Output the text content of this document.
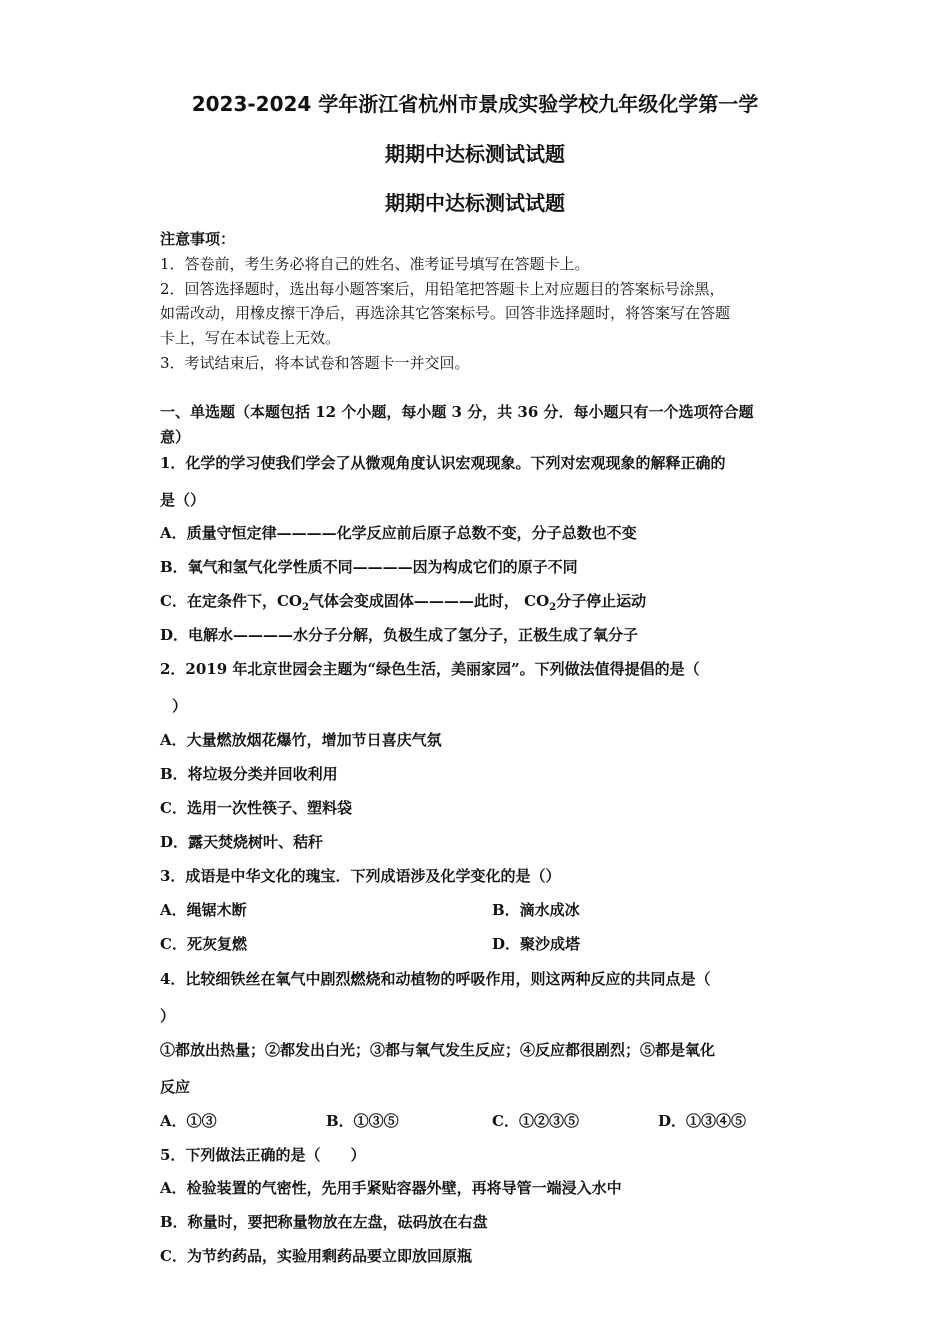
2023-2024 学年浙江省杭州市景成实验学校九年级化学第一学
期期中达标测试试题
期期中达标测试试题
注意事项：
1．答卷前，考生务必将自己的姓名、准考证号填写在答题卡上。
2．回答选择题时，选出每小题答案后，用铅笔把答题卡上对应题目的答案标号涂黑，
如需改动，用橡皮擦干净后，再选涂其它答案标号。回答非选择题时，将答案写在答题
卡上，写在本试卷上无效。
3．考试结束后，将本试卷和答题卡一并交回。
一、单选题（本题包括 12 个小题，每小题 3 分，共 36 分．每小题只有一个选项符合题
意）
1．化学的学习使我们学会了从微观角度认识宏观现象。下列对宏观现象的解释正确的
是（）
A．质量守恒定律————化学反应前后原子总数不变，分子总数也不变
B．氧气和氢气化学性质不同————因为构成它们的原子不同
C．在定条件下，$CO_2$气体会变成固体————此时， $CO_2$分子停止运动
D．电解水————水分子分解，负极生成了氢分子，正极生成了氧分子
2．2019 年北京世园会主题为“绿色生活，美丽家园”。下列做法值得提倡的是（
）
A．大量燃放烟花爆竹，增加节日喜庆气氛
B．将垃圾分类并回收利用
C．选用一次性筷子、塑料袋
D．露天焚烧树叶、秸秆
3．成语是中华文化的瑰宝．下列成语涉及化学变化的是（）
A．绳锯木断	B．滴水成冰
C．死灰复燃	D．聚沙成塔
4．比较细铁丝在氧气中剧烈燃烧和动植物的呼吸作用，则这两种反应的共同点是（
）
①都放出热量；②都发出白光；③都与氧气发生反应；④反应都很剧烈；⑤都是氧化
反应
A．①③	B．①③⑤	C．①②③⑤	D．①③④⑤
5．下列做法正确的是（　　）
A．检验装置的气密性，先用手紧贴容器外壁，再将导管一端浸入水中
B．称量时，要把称量物放在左盘，砝码放在右盘
C．为节约药品，实验用剩药品要立即放回原瓶
